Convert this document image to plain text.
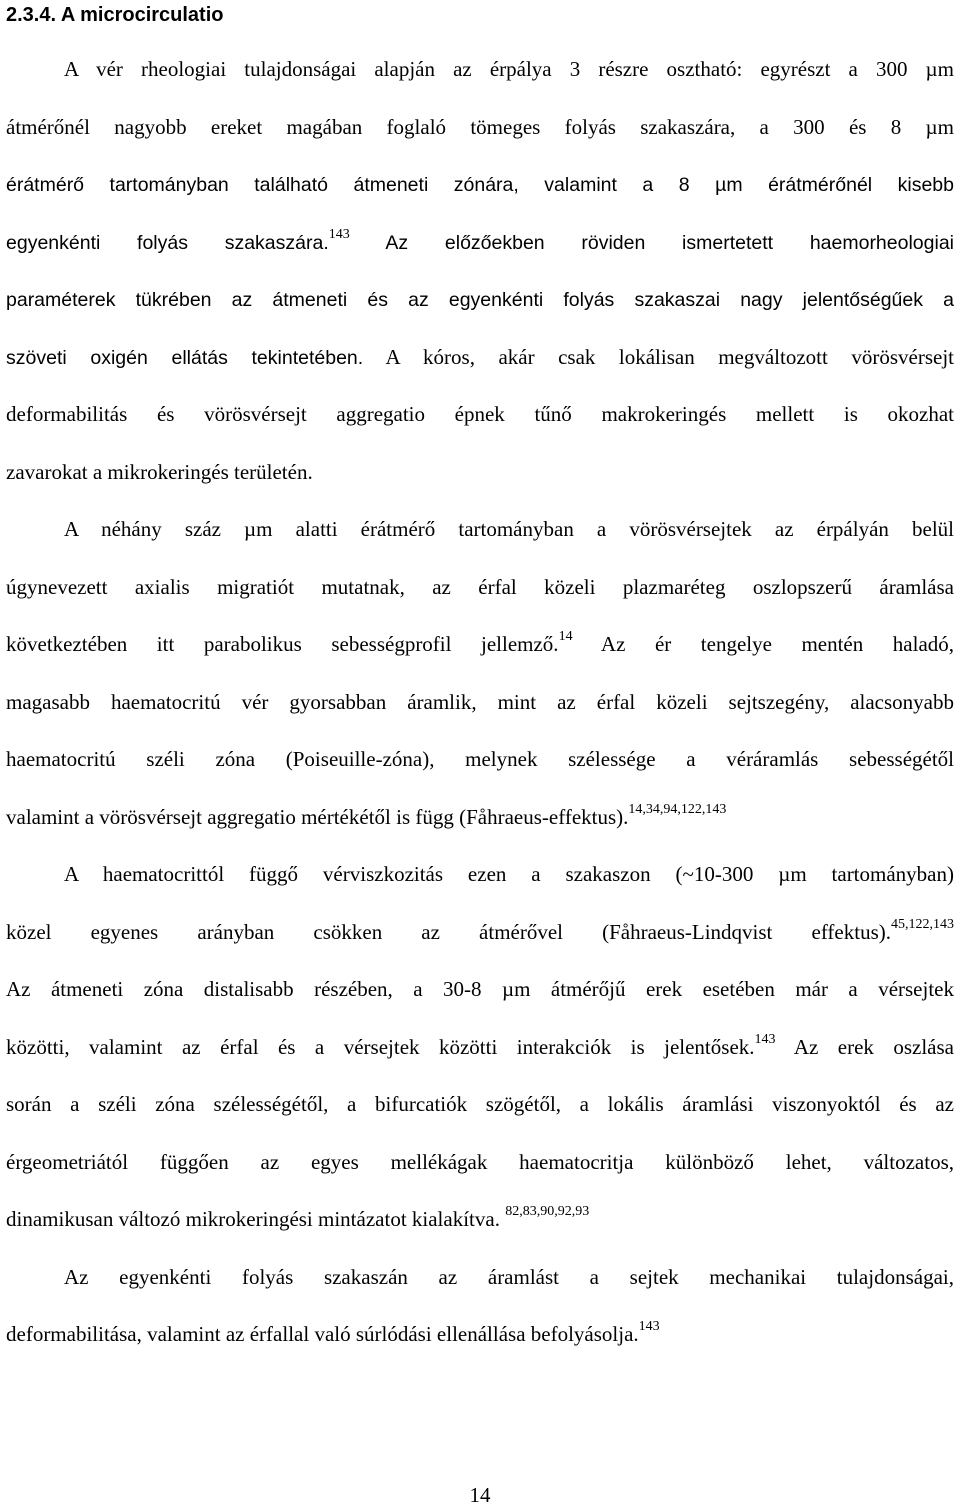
2.3.4. A microcirculatio
A vér rheologiai tulajdonságai alapján az érpálya 3 részre osztható: egyrészt a 300 µm
átmérőnél nagyobb ereket magában foglaló tömeges folyás szakaszára, a 300 és 8 µm
érátmérő tartományban található átmeneti zónára, valamint a 8 µm érátmérőnél kisebb
egyenkénti folyás szakaszára.$^{143}$ Az előzőekben röviden ismertetett haemorheologiai
paraméterek tükrében az átmeneti és az egyenkénti folyás szakaszai nagy jelentőségűek a
szöveti oxigén ellátás tekintetében. A kóros, akár csak lokálisan megváltozott vörösvérsejt
deformabilitás és vörösvérsejt aggregatio épnek tűnő makrokeringés mellett is okozhat
zavarokat a mikrokeringés területén.
A néhány száz µm alatti érátmérő tartományban a vörösvérsejtek az érpályán belül
úgynevezett axialis migratiót mutatnak, az érfal közeli plazmaréteg oszlopszerű áramlása
következtében itt parabolikus sebességprofil jellemző.$^{14}$ Az ér tengelye mentén haladó,
magasabb haematocritú vér gyorsabban áramlik, mint az érfal közeli sejtszegény, alacsonyabb
haematocritú széli zóna (Poiseuille-zóna), melynek szélessége a véráramlás sebességétől
valamint a vörösvérsejt aggregatio mértékétől is függ (Fåhraeus-effektus).$^{14,34,94,122,143}$
A haematocrittól függő vérviszkozitás ezen a szakaszon (~10-300 µm tartományban)
közel egyenes arányban csökken az átmérővel (Fåhraeus-Lindqvist effektus).$^{45,122,143}$
Az átmeneti zóna distalisabb részében, a 30-8 µm átmérőjű erek esetében már a vérsejtek
közötti, valamint az érfal és a vérsejtek közötti interakciók is jelentősek.$^{143}$ Az erek oszlása
során a széli zóna szélességétől, a bifurcatiók szögétől, a lokális áramlási viszonyoktól és az
érgeometriától függően az egyes mellékágak haematocritja különböző lehet, változatos,
dinamikusan változó mikrokeringési mintázatot kialakítva. $^{82,83,90,92,93}$
Az egyenkénti folyás szakaszán az áramlást a sejtek mechanikai tulajdonságai,
deformabilitása, valamint az érfallal való súrlódási ellenállása befolyásolja.$^{143}$
14
